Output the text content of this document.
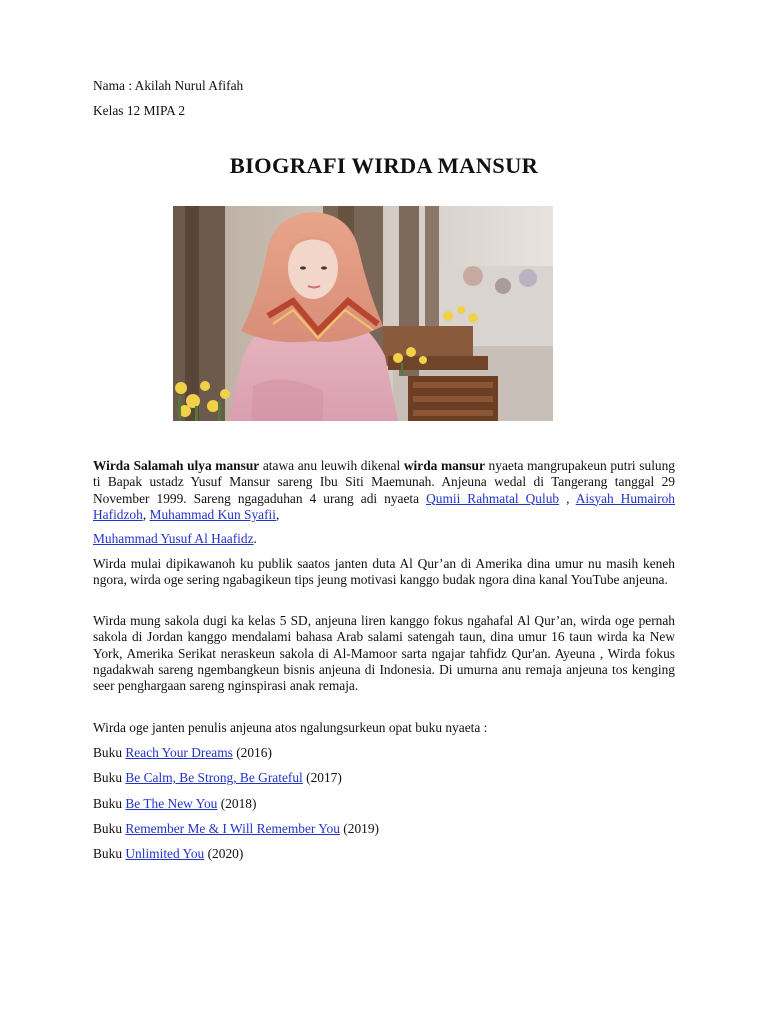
Nama : Akilah Nurul Afifah
Kelas 12 MIPA 2
BIOGRAFI WIRDA MANSUR
Wirda Salamah ulya mansur atawa anu leuwih dikenal wirda mansur nyaeta mangrupakeun putri sulung ti Bapak ustadz Yusuf Mansur sareng Ibu Siti Maemunah. Anjeuna wedal di Tangerang tanggal 29 November 1999. Sareng ngagaduhan 4 urang adi nyaeta Qumii Rahmatal Qulub , Aisyah Humairoh Hafidzoh, Muhammad Kun Syafii,
Muhammad Yusuf Al Haafidz.
Wirda mulai dipikawanoh ku publik saatos janten duta Al Qur’an di Amerika dina umur nu masih keneh ngora, wirda oge sering ngabagikeun tips jeung motivasi kanggo budak ngora dina kanal YouTube anjeuna.
Wirda mung sakola dugi ka kelas 5 SD, anjeuna liren kanggo fokus ngahafal Al Qur’an, wirda oge pernah sakola di Jordan kanggo mendalami bahasa Arab salami satengah taun, dina umur 16 taun wirda ka New York, Amerika Serikat neraskeun sakola di Al-Mamoor sarta ngajar tahfidz Qur'an. Ayeuna , Wirda fokus ngadakwah sareng ngembangkeun bisnis anjeuna di Indonesia. Di umurna anu remaja anjeuna tos kenging seer penghargaan sareng nginspirasi anak remaja.
Wirda oge janten penulis anjeuna atos ngalungsurkeun opat buku nyaeta :
Buku Reach Your Dreams (2016)
Buku Be Calm, Be Strong, Be Grateful (2017)
Buku Be The New You (2018)
Buku Remember Me & I Will Remember You (2019)
Buku Unlimited You (2020)
